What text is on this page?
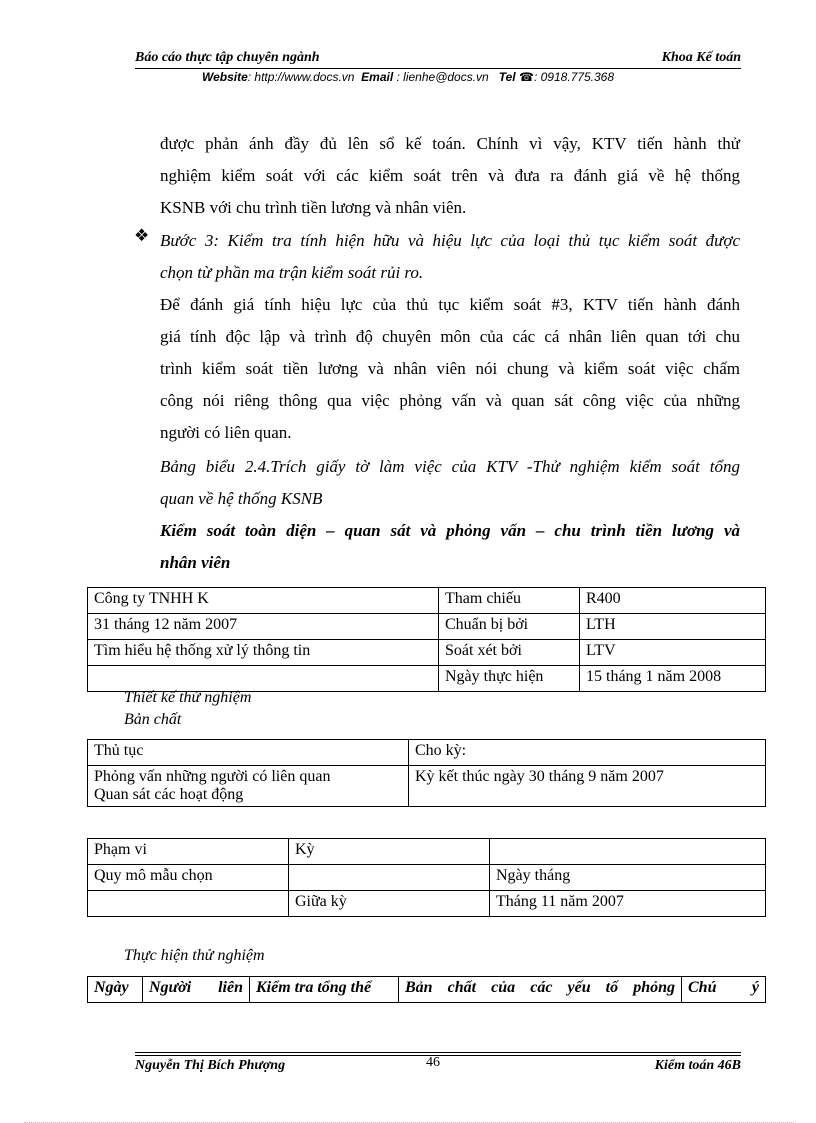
Báo cáo thực tập chuyên ngành	Khoa Kế toán
Website: http://www.docs.vn Email : lienhe@docs.vn Tel ☎: 0918.775.368
được phản ánh đầy đủ lên sổ kế toán. Chính vì vậy, KTV tiến hành thử
nghiệm kiểm soát với các kiểm soát trên và đưa ra đánh giá về hệ thống
KSNB với chu trình tiền lương và nhân viên.
❖ Bước 3: Kiểm tra tính hiện hữu và hiệu lực của loại thủ tục kiểm soát được
chọn từ phần ma trận kiểm soát rủi ro.
Để đánh giá tính hiệu lực của thủ tục kiểm soát #3, KTV tiến hành đánh
giá tính độc lập và trình độ chuyên môn của các cá nhân liên quan tới chu
trình kiểm soát tiền lương và nhân viên nói chung và kiểm soát việc chấm
công nói riêng thông qua việc phỏng vấn và quan sát công việc của những
người có liên quan.
Bảng biểu 2.4.Trích giấy tờ làm việc của KTV -Thử nghiệm kiểm soát tổng
quan về hệ thống KSNB
Kiểm soát toàn diện – quan sát và phỏng vấn – chu trình tiền lương và
nhân viên
Công ty TNHH K	Tham chiếu	R400
31 tháng 12 năm 2007	Chuẩn bị bởi	LTH
Tìm hiểu hệ thống xử lý thông tin	Soát xét bởi	LTV
	Ngày thực hiện	15 tháng 1 năm 2008
Thiết kế thử nghiệm
Bản chất
Thủ tục	Cho kỳ:

Phỏng vấn những người có liên quan
Quan sát các hoạt động	Kỳ kết thúc ngày 30 tháng 9 năm 2007
Phạm vi	Kỳ	
Quy mô mẫu chọn		Ngày tháng
	Giữa kỳ	Tháng 11 năm 2007
Thực hiện thử nghiệm
Ngày	Người liên	Kiểm tra tổng thể	Bản chất của các yếu tố phỏng	Chú ý
Nguyễn Thị Bích Phượng	46	Kiểm toán 46B
